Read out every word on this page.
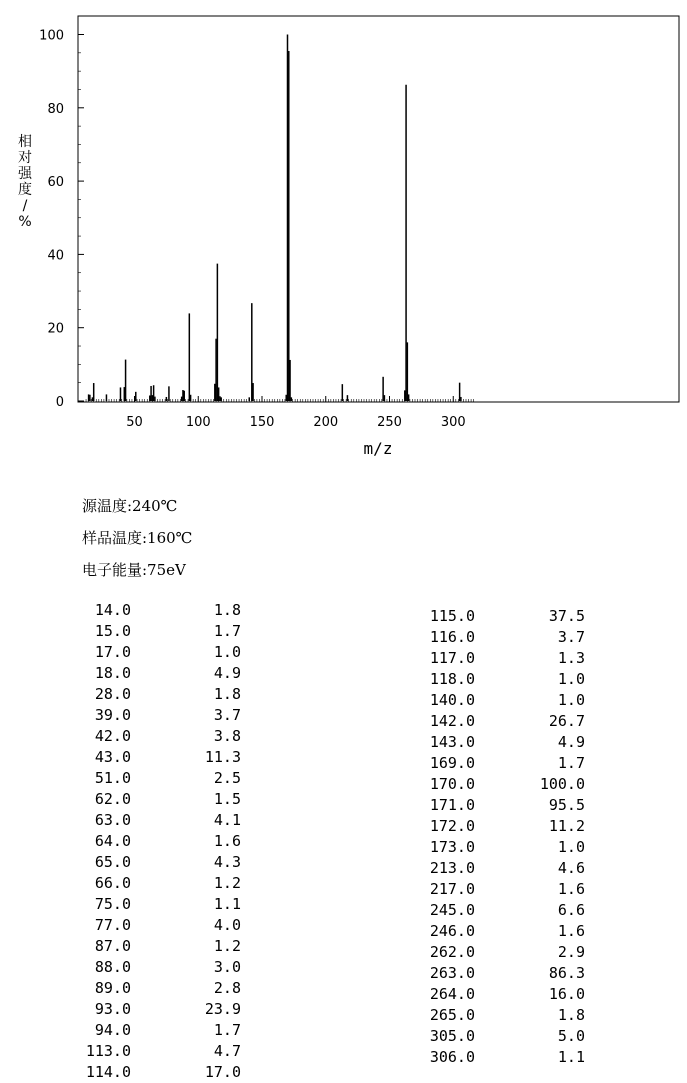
0
20
40
60
80
100
50	100	150	200	250	300
m/z
相对强度/ %
源温度:240℃
样品温度:160℃
电子能量:75eV
14.0	1.8
15.0	1.7
17.0	1.0
18.0	4.9
28.0	1.8
39.0	3.7
42.0	3.8
43.0	11.3
51.0	2.5
62.0	1.5
63.0	4.1
64.0	1.6
65.0	4.3
66.0	1.2
75.0	1.1
77.0	4.0
87.0	1.2
88.0	3.0
89.0	2.8
93.0	23.9
94.0	1.7
113.0	4.7
114.0	17.0
115.0	37.5
116.0	3.7
117.0	1.3
118.0	1.0
140.0	1.0
142.0	26.7
143.0	4.9
169.0	1.7
170.0	100.0
171.0	95.5
172.0	11.2
173.0	1.0
213.0	4.6
217.0	1.6
245.0	6.6
246.0	1.6
262.0	2.9
263.0	86.3
264.0	16.0
265.0	1.8
305.0	5.0
306.0	1.1
